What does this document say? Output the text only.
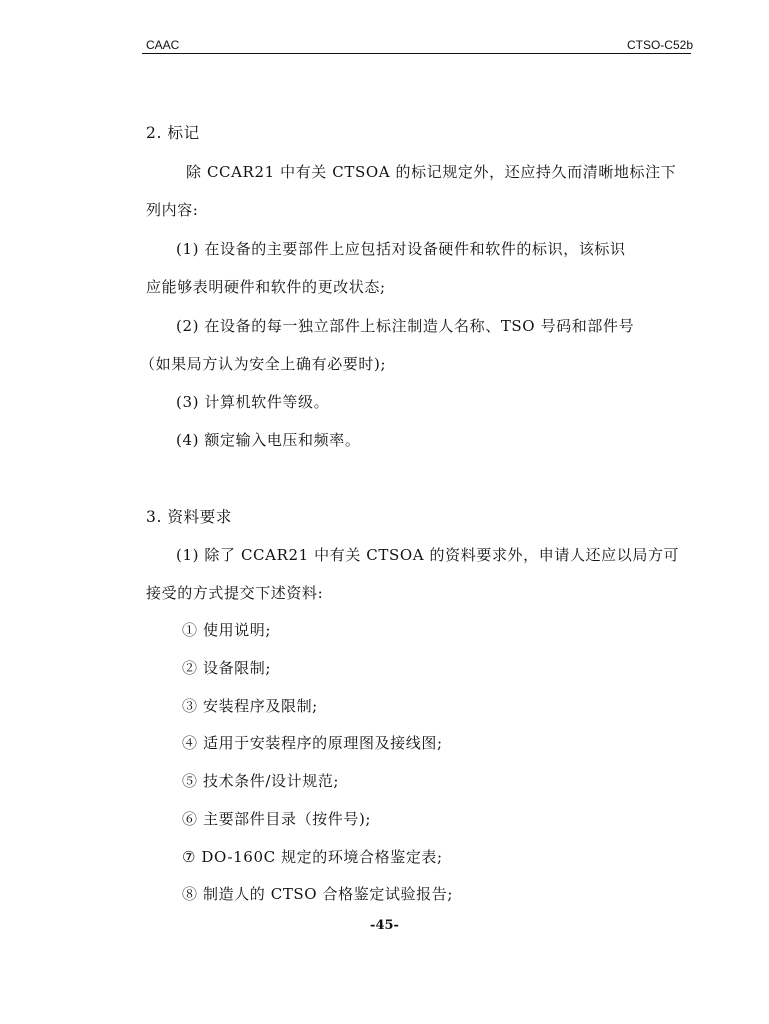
CAAC	CTSO-C52b
2. 标记
除 CCAR21 中有关 CTSOA 的标记规定外，还应持久而清晰地标注下
列内容:
(1) 在设备的主要部件上应包括对设备硬件和软件的标识，该标识
应能够表明硬件和软件的更改状态;
(2) 在设备的每一独立部件上标注制造人名称、TSO 号码和部件号
（如果局方认为安全上确有必要时);
(3) 计算机软件等级。
(4) 额定输入电压和频率。
3. 资料要求
(1) 除了 CCAR21 中有关 CTSOA 的资料要求外，申请人还应以局方可
接受的方式提交下述资料:
① 使用说明;
② 设备限制;
③ 安装程序及限制;
④ 适用于安装程序的原理图及接线图;
⑤ 技术条件/设计规范;
⑥ 主要部件目录（按件号);
⑦ DO-160C 规定的环境合格鉴定表;
⑧ 制造人的 CTSO 合格鉴定试验报告;
-45-
